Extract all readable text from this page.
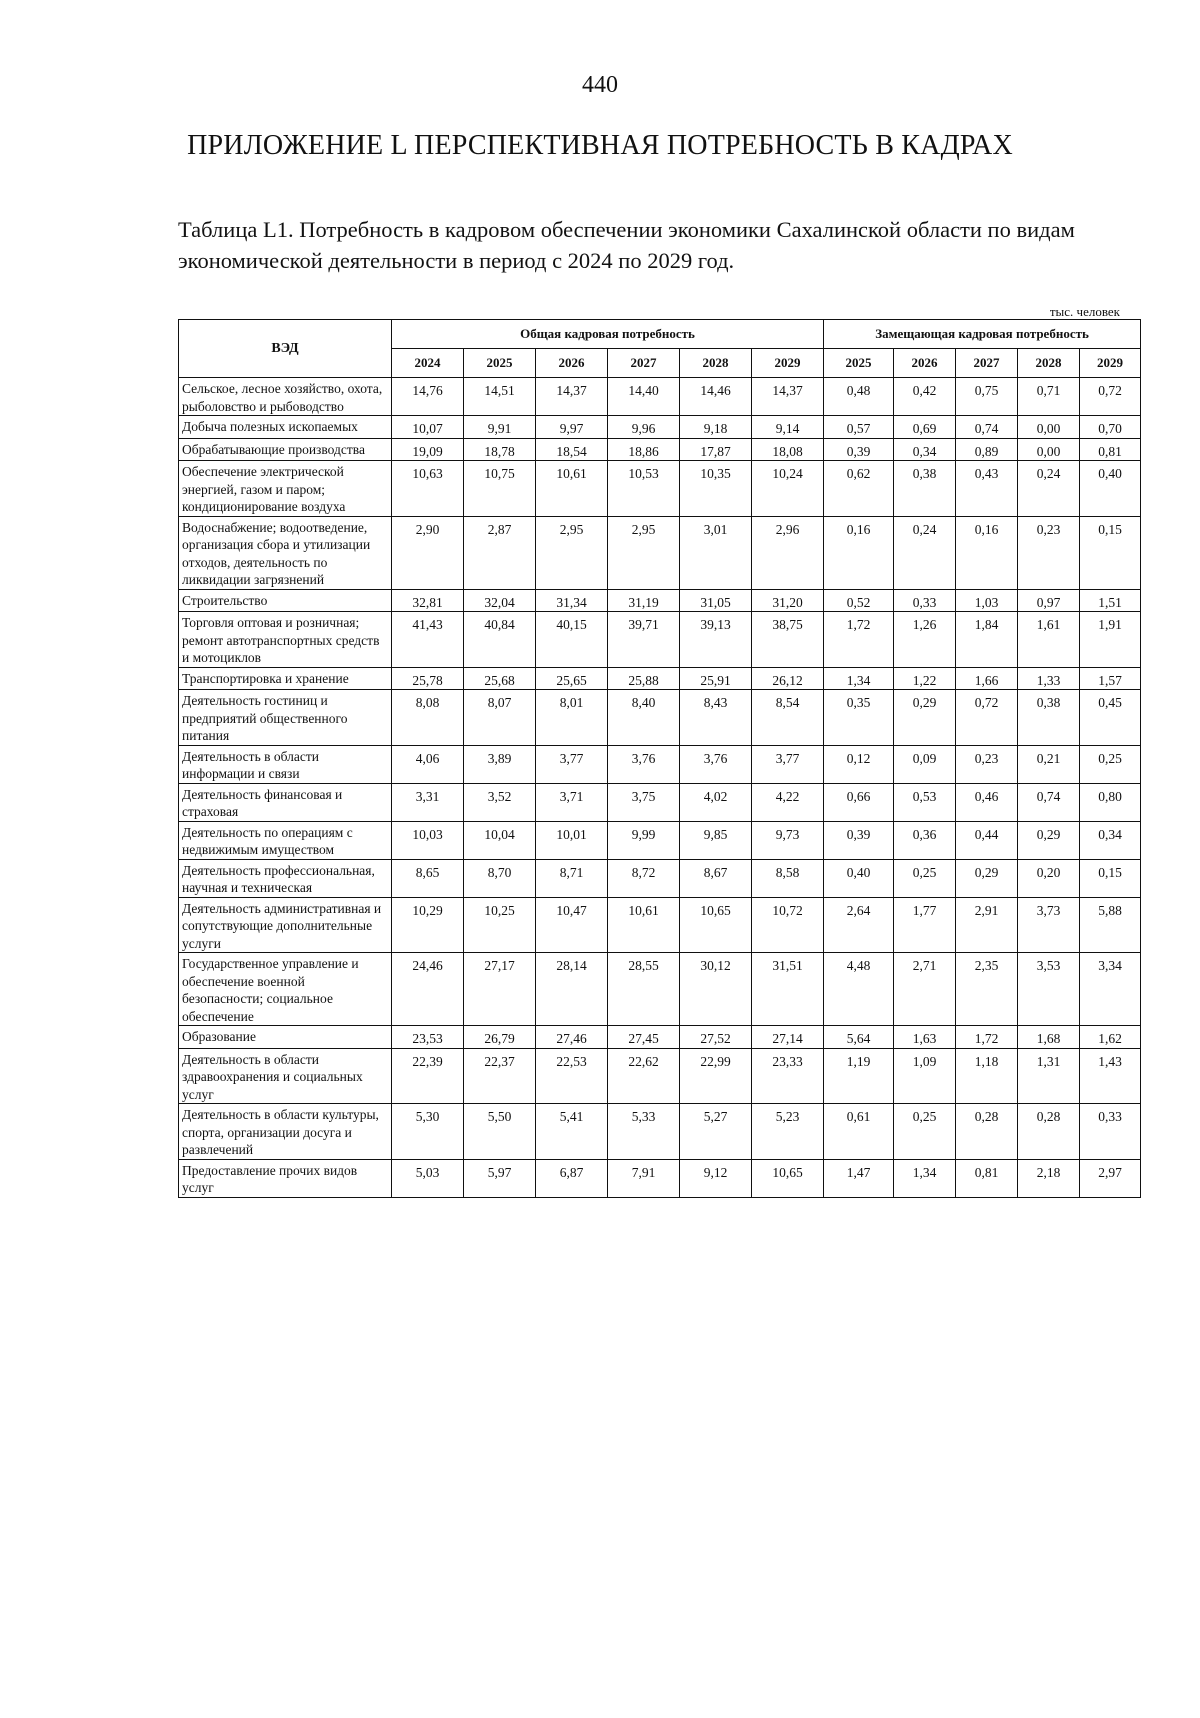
440
ПРИЛОЖЕНИЕ L ПЕРСПЕКТИВНАЯ ПОТРЕБНОСТЬ В КАДРАХ
Таблица L1. Потребность в кадровом обеспечении экономики Сахалинской области по видам экономической деятельности в период с 2024 по 2029 год.
тыс. человек
ВЭД	Общая кадровая потребность						Замещающая кадровая потребность				
	2024	2025	2026	2027	2028	2029	2025	2026	2027	2028	2029
Сельское, лесное хозяйство, охота, рыболовство и рыбоводство	14,76	14,51	14,37	14,40	14,46	14,37	0,48	0,42	0,75	0,71	0,72
Добыча полезных ископаемых	10,07	9,91	9,97	9,96	9,18	9,14	0,57	0,69	0,74	0,00	0,70
Обрабатывающие производства	19,09	18,78	18,54	18,86	17,87	18,08	0,39	0,34	0,89	0,00	0,81
Обеспечение электрической энергией, газом и паром; кондиционирование воздуха	10,63	10,75	10,61	10,53	10,35	10,24	0,62	0,38	0,43	0,24	0,40
Водоснабжение; водоотведение, организация сбора и утилизации отходов, деятельность по ликвидации загрязнений	2,90	2,87	2,95	2,95	3,01	2,96	0,16	0,24	0,16	0,23	0,15
Строительство	32,81	32,04	31,34	31,19	31,05	31,20	0,52	0,33	1,03	0,97	1,51
Торговля оптовая и розничная; ремонт автотранспортных средств и мотоциклов	41,43	40,84	40,15	39,71	39,13	38,75	1,72	1,26	1,84	1,61	1,91
Транспортировка и хранение	25,78	25,68	25,65	25,88	25,91	26,12	1,34	1,22	1,66	1,33	1,57
Деятельность гостиниц и предприятий общественного питания	8,08	8,07	8,01	8,40	8,43	8,54	0,35	0,29	0,72	0,38	0,45
Деятельность в области информации и связи	4,06	3,89	3,77	3,76	3,76	3,77	0,12	0,09	0,23	0,21	0,25
Деятельность финансовая и страховая	3,31	3,52	3,71	3,75	4,02	4,22	0,66	0,53	0,46	0,74	0,80
Деятельность по операциям с недвижимым имуществом	10,03	10,04	10,01	9,99	9,85	9,73	0,39	0,36	0,44	0,29	0,34
Деятельность профессиональная, научная и техническая	8,65	8,70	8,71	8,72	8,67	8,58	0,40	0,25	0,29	0,20	0,15
Деятельность административная и сопутствующие дополнительные услуги	10,29	10,25	10,47	10,61	10,65	10,72	2,64	1,77	2,91	3,73	5,88
Государственное управление и обеспечение военной безопасности; социальное обеспечение	24,46	27,17	28,14	28,55	30,12	31,51	4,48	2,71	2,35	3,53	3,34
Образование	23,53	26,79	27,46	27,45	27,52	27,14	5,64	1,63	1,72	1,68	1,62
Деятельность в области здравоохранения и социальных услуг	22,39	22,37	22,53	22,62	22,99	23,33	1,19	1,09	1,18	1,31	1,43
Деятельность в области культуры, спорта, организации досуга и развлечений	5,30	5,50	5,41	5,33	5,27	5,23	0,61	0,25	0,28	0,28	0,33
Предоставление прочих видов услуг	5,03	5,97	6,87	7,91	9,12	10,65	1,47	1,34	0,81	2,18	2,97
